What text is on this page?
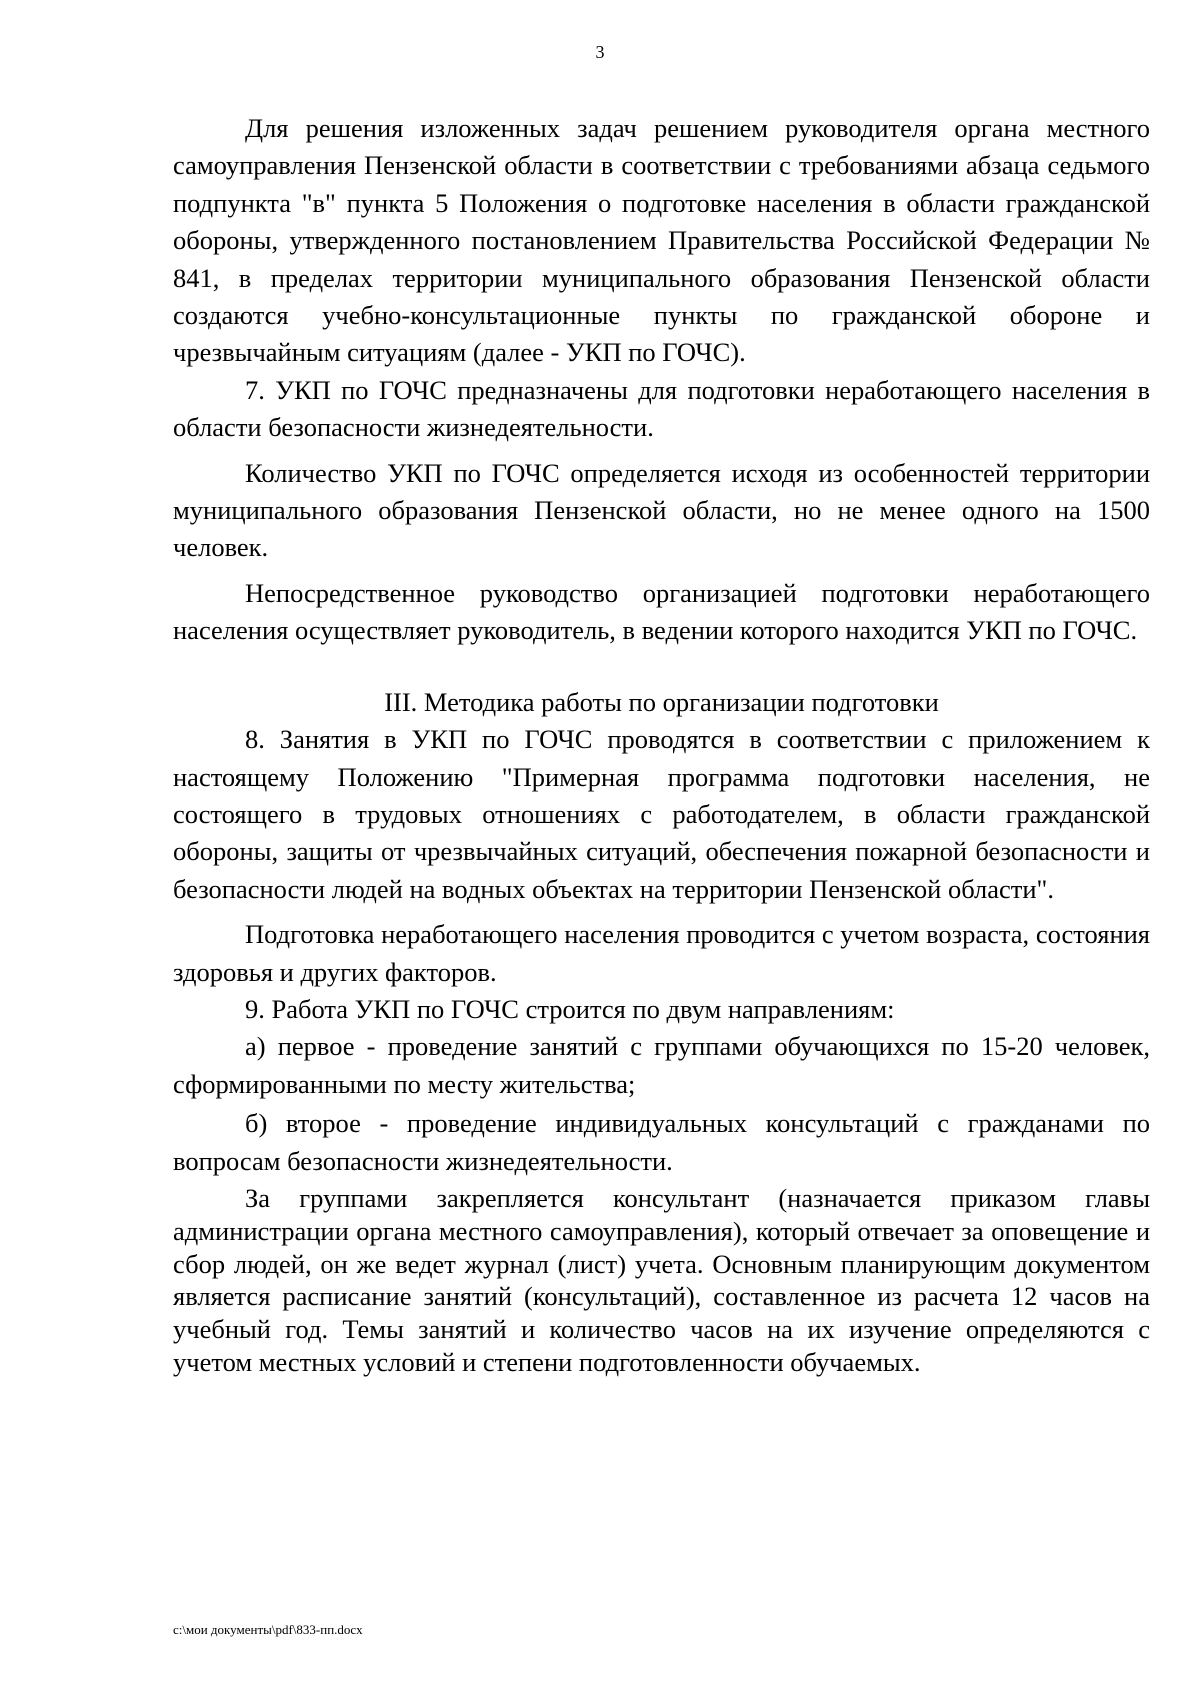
3

Для решения изложенных задач решением руководителя органа местного самоуправления Пензенской области в соответствии с требованиями абзаца седьмого подпункта "в" пункта 5 Положения о подготовке населения в области гражданской обороны, утвержденного постановлением Правительства Российской Федерации № 841, в пределах территории муниципального образования Пензенской области создаются учебно-консультационные пункты по гражданской обороне и чрезвычайным ситуациям (далее - УКП по ГОЧС).

7. УКП по ГОЧС предназначены для подготовки неработающего населения в области безопасности жизнедеятельности.

Количество УКП по ГОЧС определяется исходя из особенностей территории муниципального образования Пензенской области, но не менее одного на 1500 человек.

Непосредственное руководство организацией подготовки неработающего населения осуществляет руководитель, в ведении которого находится УКП по ГОЧС.

III. Методика работы по организации подготовки

8. Занятия в УКП по ГОЧС проводятся в соответствии с приложением к настоящему Положению "Примерная программа подготовки населения, не состоящего в трудовых отношениях с работодателем, в области гражданской обороны, защиты от чрезвычайных ситуаций, обеспечения пожарной безопасности и безопасности людей на водных объектах на территории Пензенской области".

Подготовка неработающего населения проводится с учетом возраста, состояния здоровья и других факторов.

9. Работа УКП по ГОЧС строится по двум направлениям:

а) первое - проведение занятий с группами обучающихся по 15-20 человек, сформированными по месту жительства;

б) второе - проведение индивидуальных консультаций с гражданами по вопросам безопасности жизнедеятельности.

За группами закрепляется консультант (назначается приказом главы администрации органа местного самоуправления), который отвечает за оповещение и сбор людей, он же ведет журнал (лист) учета. Основным планирующим документом является расписание занятий (консультаций), составленное из расчета 12 часов на учебный год. Темы занятий и количество часов на их изучение определяются с учетом местных условий и степени подготовленности обучаемых.

c:\мои документы\pdf\833-пп.docx
